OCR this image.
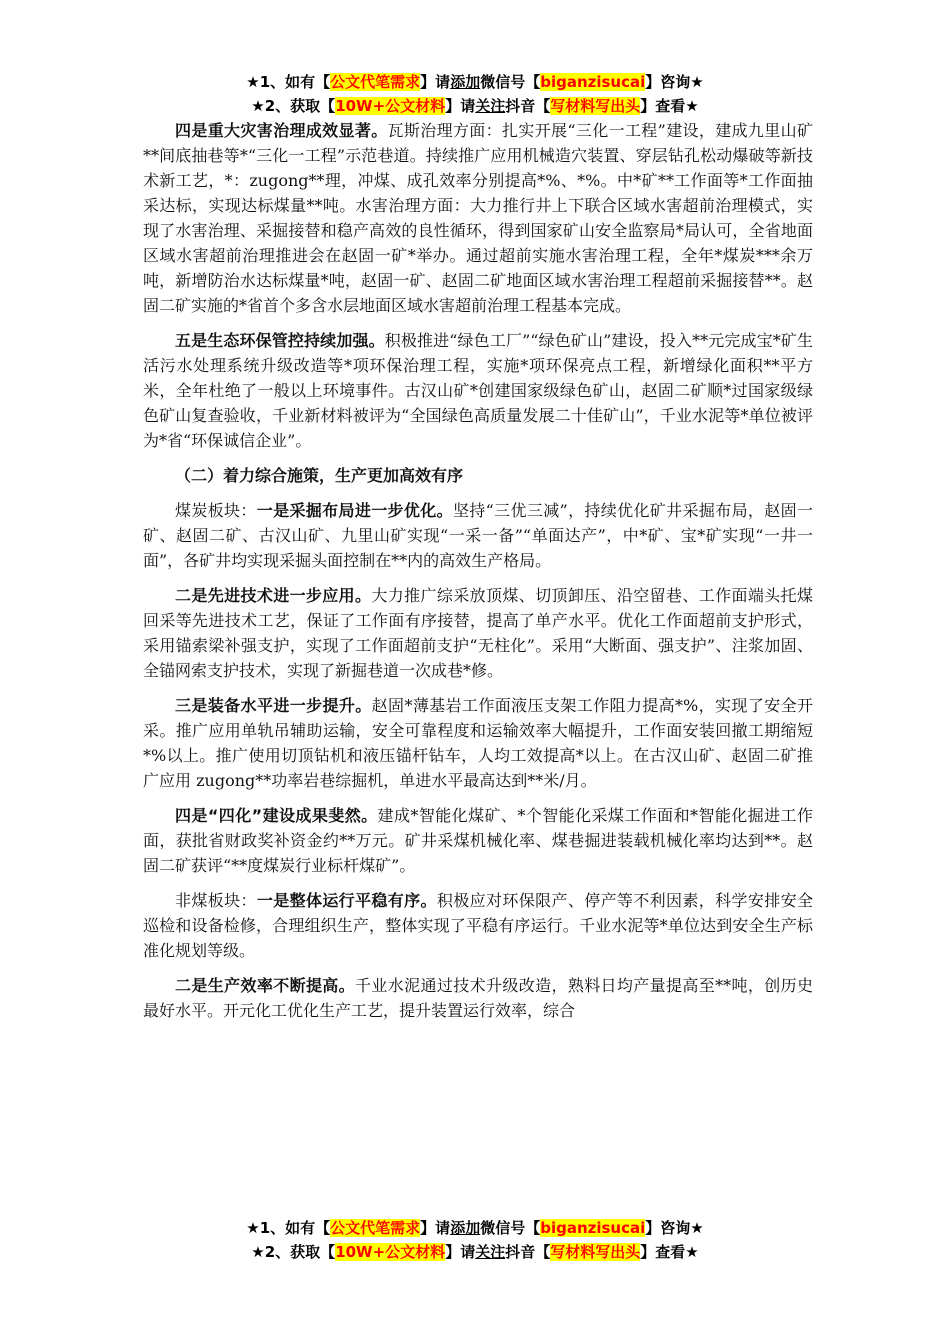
★1、如有【公文代笔需求】请添加微信号【biganzisucai】咨询★
★2、获取【10W+公文材料】请关注抖音【写材料写出头】查看★

四是重大灾害治理成效显著。瓦斯治理方面：扎实开展“三化一工程”建设，建成九里山矿**间底抽巷等*“三化一工程”示范巷道。持续推广应用机械造穴装置、穿层钻孔松动爆破等新技术新工艺，*：zugong**理，冲煤、成孔效率分别提高*%、*%。中*矿**工作面等*工作面抽采达标，实现达标煤量**吨。水害治理方面：大力推行井上下联合区域水害超前治理模式，实现了水害治理、采掘接替和稳产高效的良性循环，得到国家矿山安全监察局*局认可，全省地面区域水害超前治理推进会在赵固一矿*举办。通过超前实施水害治理工程，全年*煤炭***余万吨，新增防治水达标煤量*吨，赵固一矿、赵固二矿地面区域水害治理工程超前采掘接替**。赵固二矿实施的*省首个多含水层地面区域水害超前治理工程基本完成。

五是生态环保管控持续加强。积极推进“绿色工厂”“绿色矿山”建设，投入**元完成宝*矿生活污水处理系统升级改造等*项环保治理工程，实施*项环保亮点工程，新增绿化面积**平方米，全年杜绝了一般以上环境事件。古汉山矿*创建国家级绿色矿山，赵固二矿顺*过国家级绿色矿山复查验收，千业新材料被评为“全国绿色高质量发展二十佳矿山”，千业水泥等*单位被评为*省“环保诚信企业”。

（二）着力综合施策，生产更加高效有序

煤炭板块：一是采掘布局进一步优化。坚持“三优三减”，持续优化矿井采掘布局，赵固一矿、赵固二矿、古汉山矿、九里山矿实现“一采一备”“单面达产”，中*矿、宝*矿实现“一井一面”，各矿井均实现采掘头面控制在**内的高效生产格局。

二是先进技术进一步应用。大力推广综采放顶煤、切顶卸压、沿空留巷、工作面端头托煤回采等先进技术工艺，保证了工作面有序接替，提高了单产水平。优化工作面超前支护形式，采用锚索梁补强支护，实现了工作面超前支护“无柱化”。采用“大断面、强支护”、注浆加固、全锚网索支护技术，实现了新掘巷道一次成巷*修。

三是装备水平进一步提升。赵固*薄基岩工作面液压支架工作阻力提高*%，实现了安全开采。推广应用单轨吊辅助运输，安全可靠程度和运输效率大幅提升，工作面安装回撤工期缩短*%以上。推广使用切顶钻机和液压锚杆钻车，人均工效提高*以上。在古汉山矿、赵固二矿推广应用 zugong**功率岩巷综掘机，单进水平最高达到**米/月。

四是“四化”建设成果斐然。建成*智能化煤矿、*个智能化采煤工作面和*智能化掘进工作面，获批省财政奖补资金约**万元。矿井采煤机械化率、煤巷掘进装载机械化率均达到**。赵固二矿获评“**度煤炭行业标杆煤矿”。

非煤板块：一是整体运行平稳有序。积极应对环保限产、停产等不利因素，科学安排安全巡检和设备检修，合理组织生产，整体实现了平稳有序运行。千业水泥等*单位达到安全生产标准化规划等级。

二是生产效率不断提高。千业水泥通过技术升级改造，熟料日均产量提高至**吨，创历史最好水平。开元化工优化生产工艺，提升装置运行效率，综合

★1、如有【公文代笔需求】请添加微信号【biganzisucai】咨询★
★2、获取【10W+公文材料】请关注抖音【写材料写出头】查看★
